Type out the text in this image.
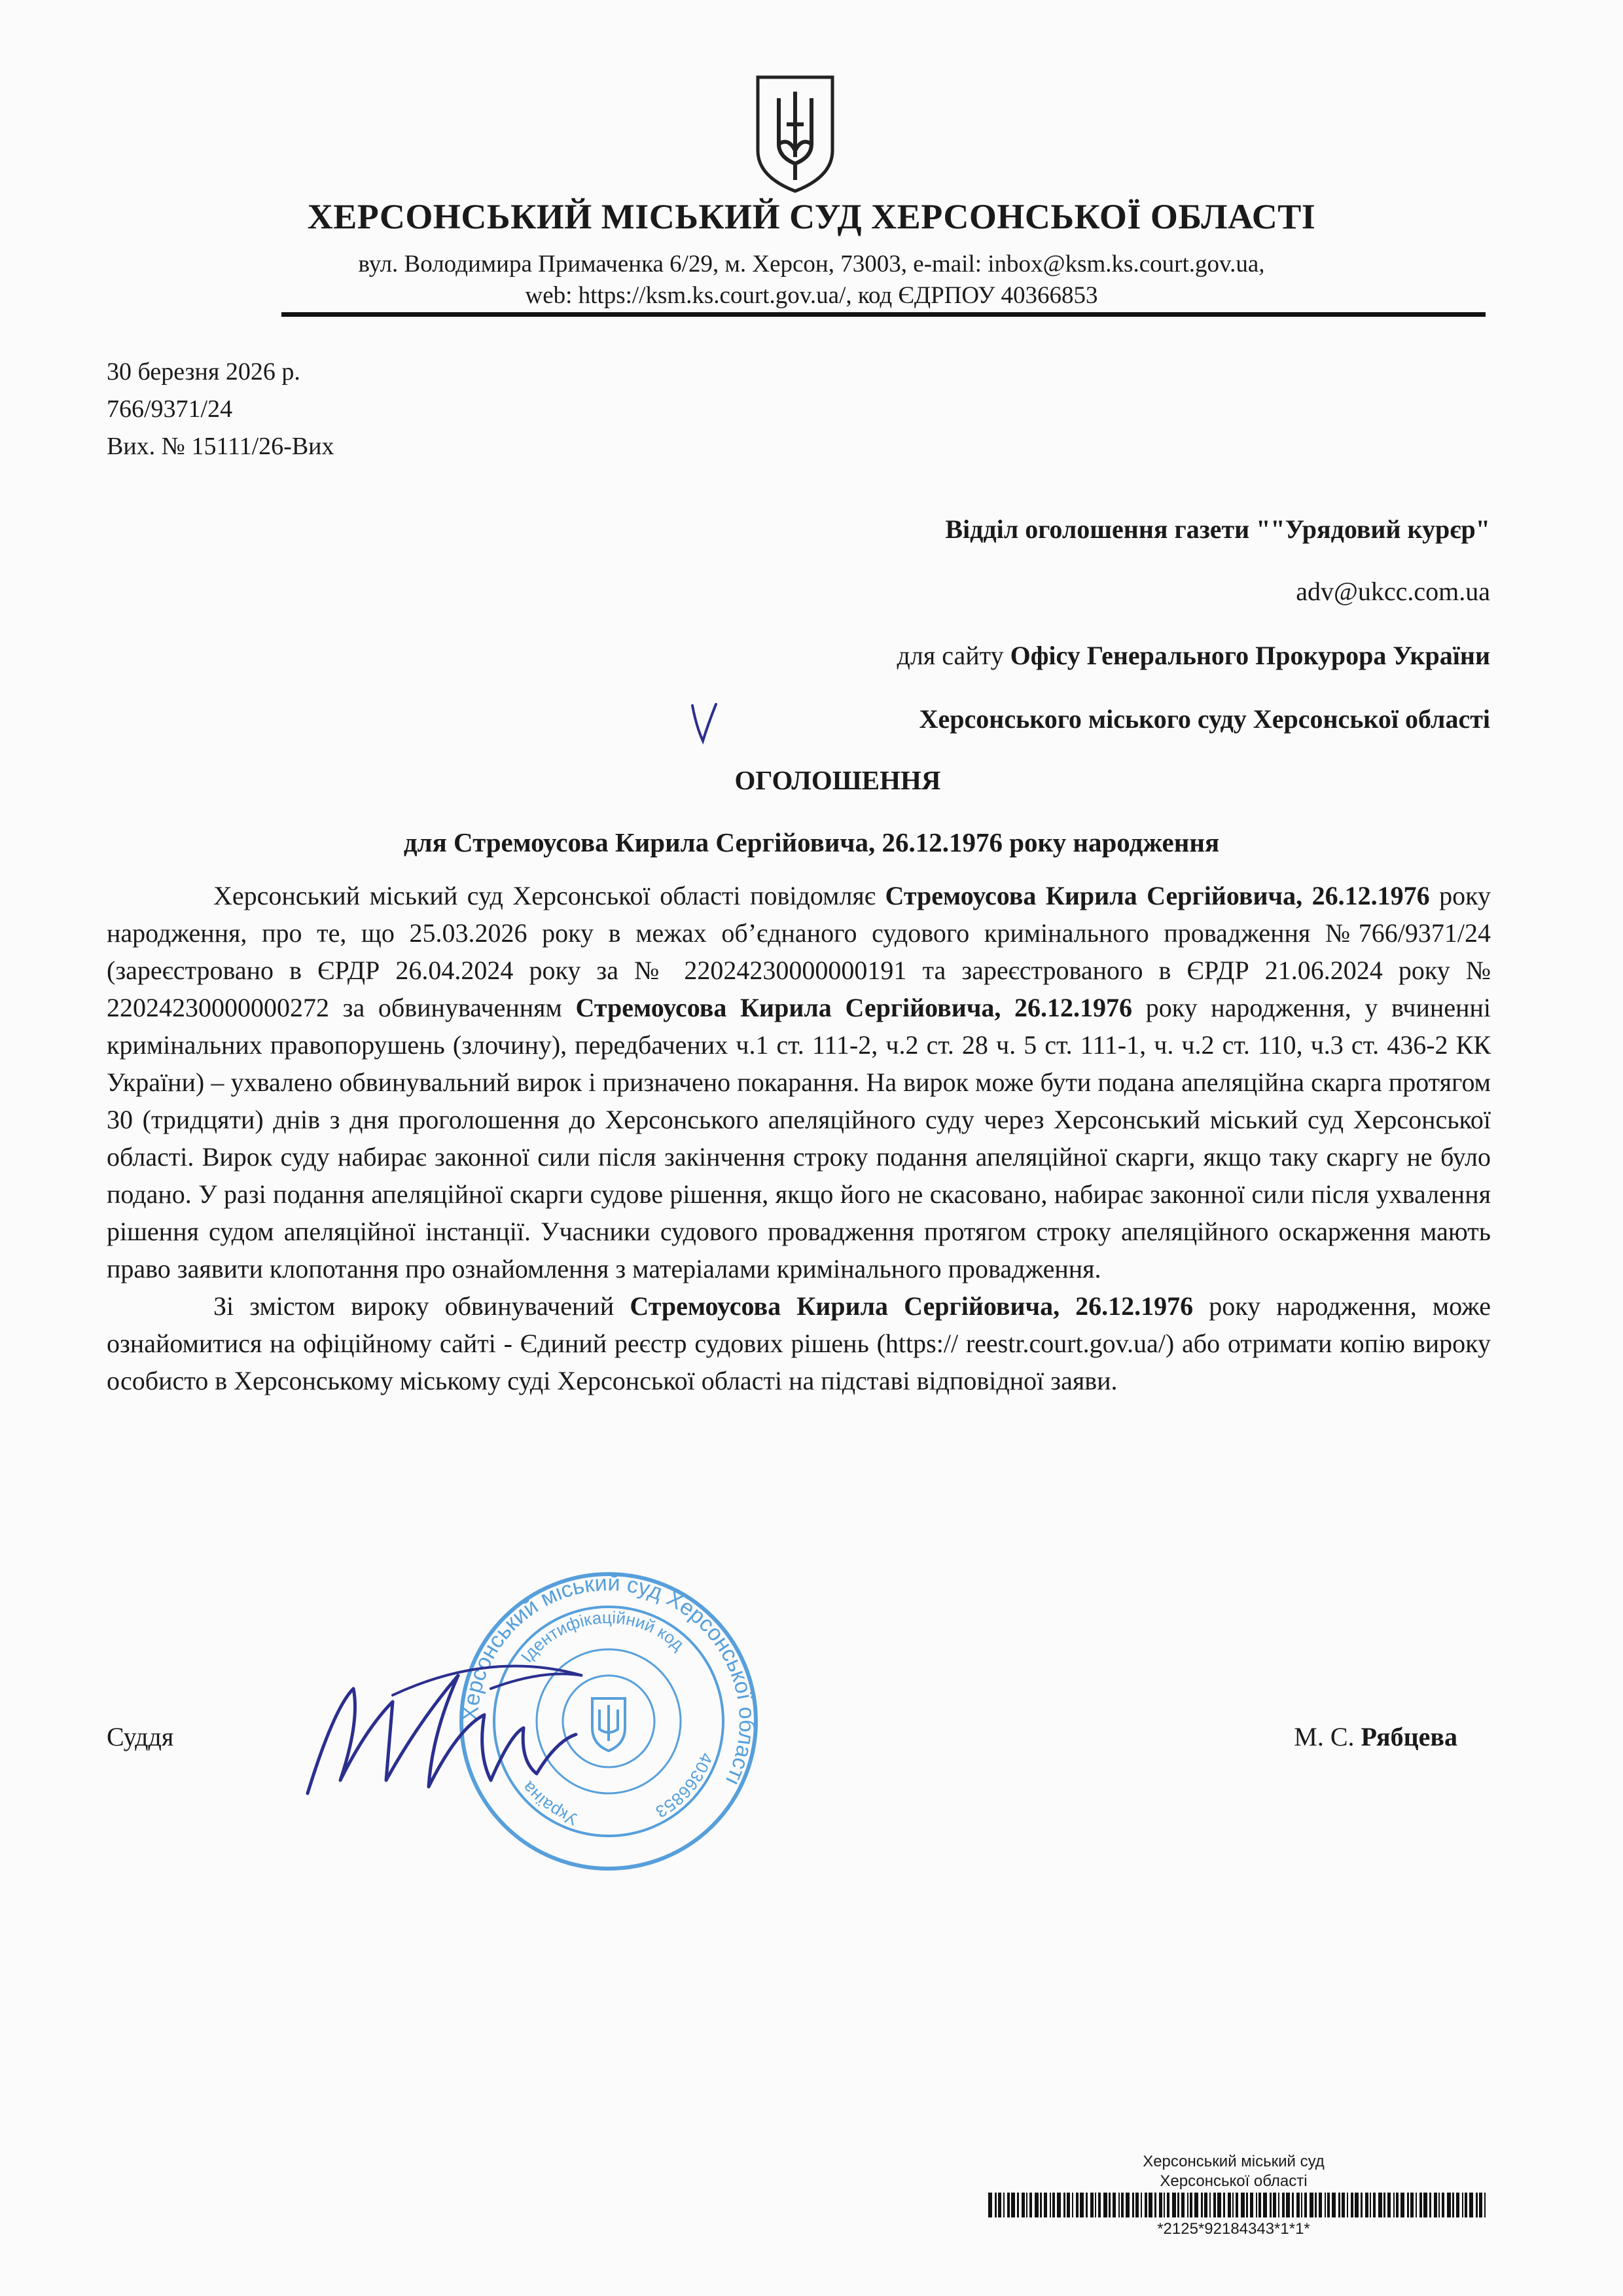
ХЕРСОНСЬКИЙ МІСЬКИЙ СУД ХЕРСОНСЬКОЇ ОБЛАСТІ
вул. Володимира Примаченка 6/29, м. Херсон, 73003, e-mail: inbox@ksm.ks.court.gov.ua,
web: https://ksm.ks.court.gov.ua/, код ЄДРПОУ 40366853
30 березня 2026 р.
766/9371/24
Вих. № 15111/26-Вих
Відділ оголошення газети ""Урядовий курєр"
adv@ukcc.com.ua
для сайту Офісу Генерального Прокурора України
Херсонського міського суду Херсонської області
ОГОЛОШЕННЯ
для Стремоусова Кирила Сергійовича, 26.12.1976 року народження

Херсонський міський суд Херсонської області повідомляє Стремоусова Кирила Сергійовича, 26.12.1976 року народження, про те, що 25.03.2026 року в межах об’єднаного судового кримінального провадження №766/9371/24 (зареєстровано в ЄРДР 26.04.2024 року за № 22024230000000191 та зареєстрованого в ЄРДР 21.06.2024 року № 22024230000000272 за обвинуваченням Стремоусова Кирила Сергійовича, 26.12.1976 року народження, у вчиненні кримінальних правопорушень (злочину), передбачених ч.1 ст. 111-2, ч.2 ст. 28 ч. 5 ст. 111-1, ч. ч.2 ст. 110, ч.3 ст. 436-2 КК України) – ухвалено обвинувальний вирок і призначено покарання. На вирок може бути подана апеляційна скарга протягом 30 (тридцяти) днів з дня проголошення до Херсонського апеляційного суду через Херсонський міський суд Херсонської області. Вирок суду набирає законної сили після закінчення строку подання апеляційної скарги, якщо таку скаргу не було подано. У разі подання апеляційної скарги судове рішення, якщо його не скасовано, набирає законної сили після ухвалення рішення судом апеляційної інстанції. Учасники судового провадження протягом строку апеляційного оскарження мають право заявити клопотання про ознайомлення з матеріалами кримінального провадження.

Зі змістом вироку обвинувачений Стремоусова Кирила Сергійовича, 26.12.1976 року народження, може ознайомитися на офіційному сайті - Єдиний реєстр судових рішень (https:// reestr.court.gov.ua/) або отримати копію вироку особисто в Херсонському міському суді Херсонської області на підставі відповідної заяви.

Херсонський міський суд Херсонської області
Ідентифікаційний код
40366853
Україна
Суддя	М. С. Рябцева
Херсонський міський суд
Херсонської області
*2125*92184343*1*1*
